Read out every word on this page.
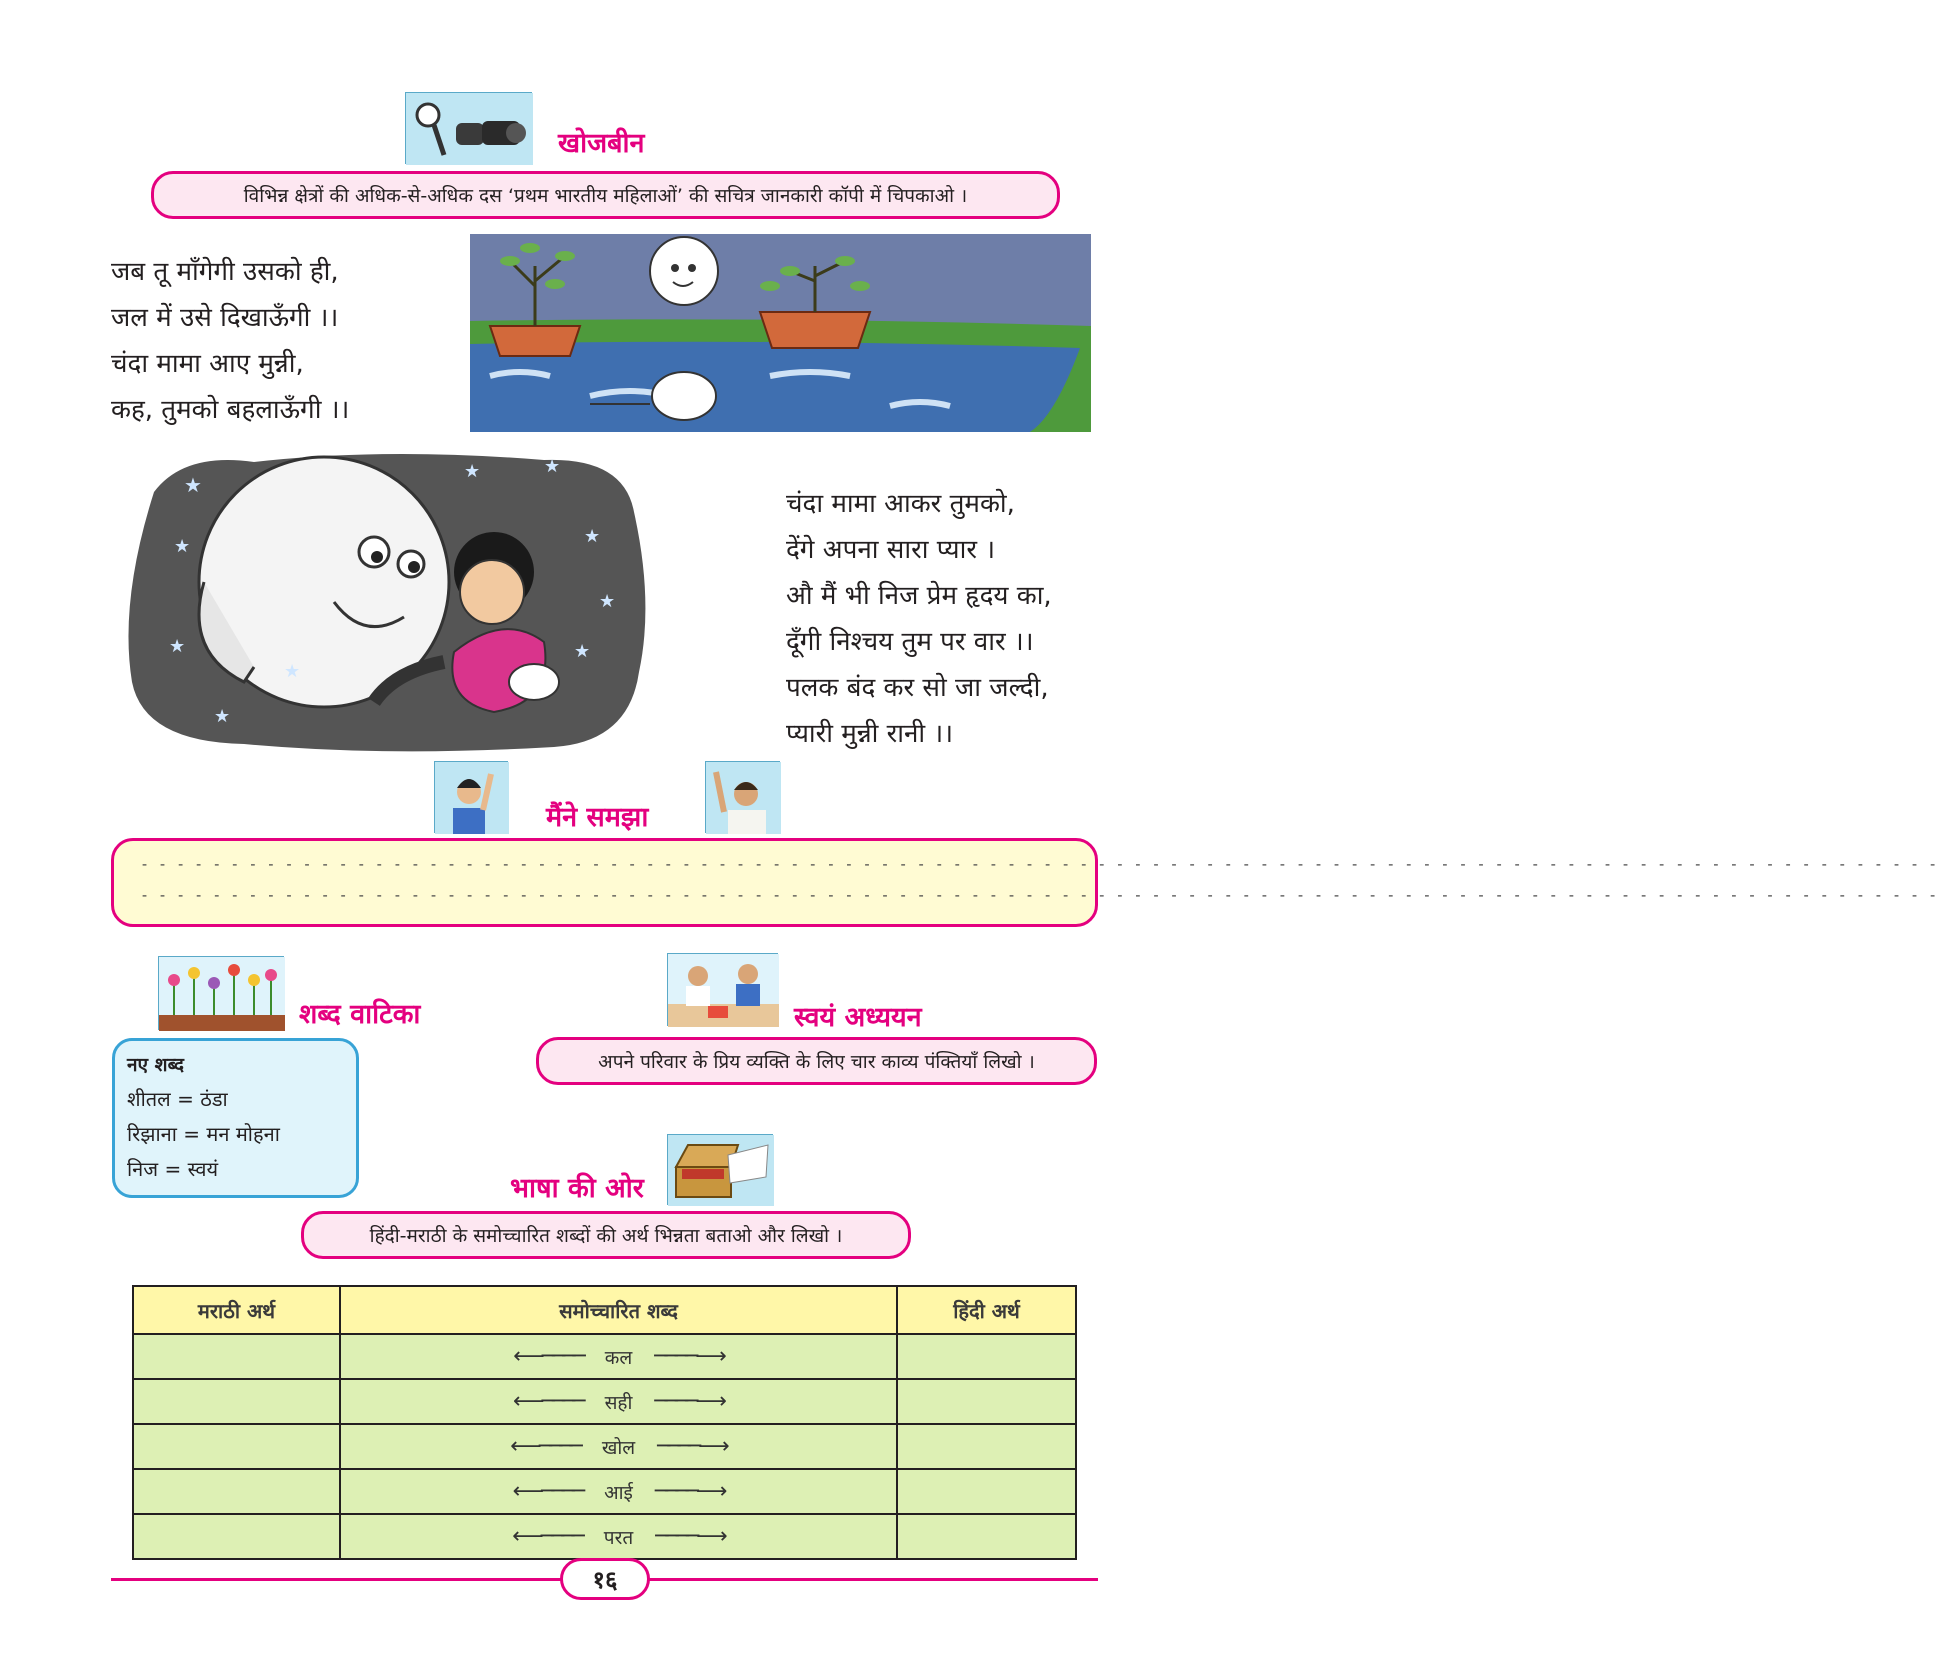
खोजबीन
विभिन्न क्षेत्रों की अधिक-से-अधिक दस ‘प्रथम भारतीय महिलाओं’ की सचित्र जानकारी कॉपी में चिपकाओ ।
जब तू माँगेगी उसको ही,
जल में उसे दिखाऊँगी ।।
चंदा मामा आए मुन्नी,
कह, तुमको बहलाऊँगी ।।
★
★	★
★
★
★
★
★
★
★
चंदा मामा आकर तुमको,
देंगे अपना सारा प्यार ।
औ मैं भी निज प्रेम हृदय का,
दूँगी निश्चय तुम पर वार ।।
पलक बंद कर सो जा जल्दी,
प्यारी मुन्नी रानी ।।
मैंने समझा
- - - - - - - - - - - - - - - - - - - - - - - - - - - - - - - - - - - - - - - - - - - - - - - - - - - - - - - - - - - - - - - - - - - - - - - - - - - - - - - - - - - - - - - - - - - - - - - - - - - -
- - - - - - - - - - - - - - - - - - - - - - - - - - - - - - - - - - - - - - - - - - - - - - - - - - - - - - - - - - - - - - - - - - - - - - - - - - - - - - - - - - - - - - - - - - - - - - - - - - - -
शब्द वाटिका
नए शब्द
शीतल = ठंडा
रिझाना = मन मोहना
निज = स्वयं
स्वयं अध्ययन
अपने परिवार के प्रिय व्यक्ति के लिए चार काव्य पंक्तियाँ लिखो ।
भाषा की ओर
हिंदी-मराठी के समोच्चारित शब्दों की अर्थ भिन्नता बताओ और लिखो ।
मराठी अर्थ	समोच्चारित शब्द	हिंदी अर्थ

	⟵──── कल ────⟶	

	⟵──── सही ────⟶	

	⟵──── खोल ────⟶	

	⟵──── आई ────⟶	

	⟵──── परत ────⟶	

१६
